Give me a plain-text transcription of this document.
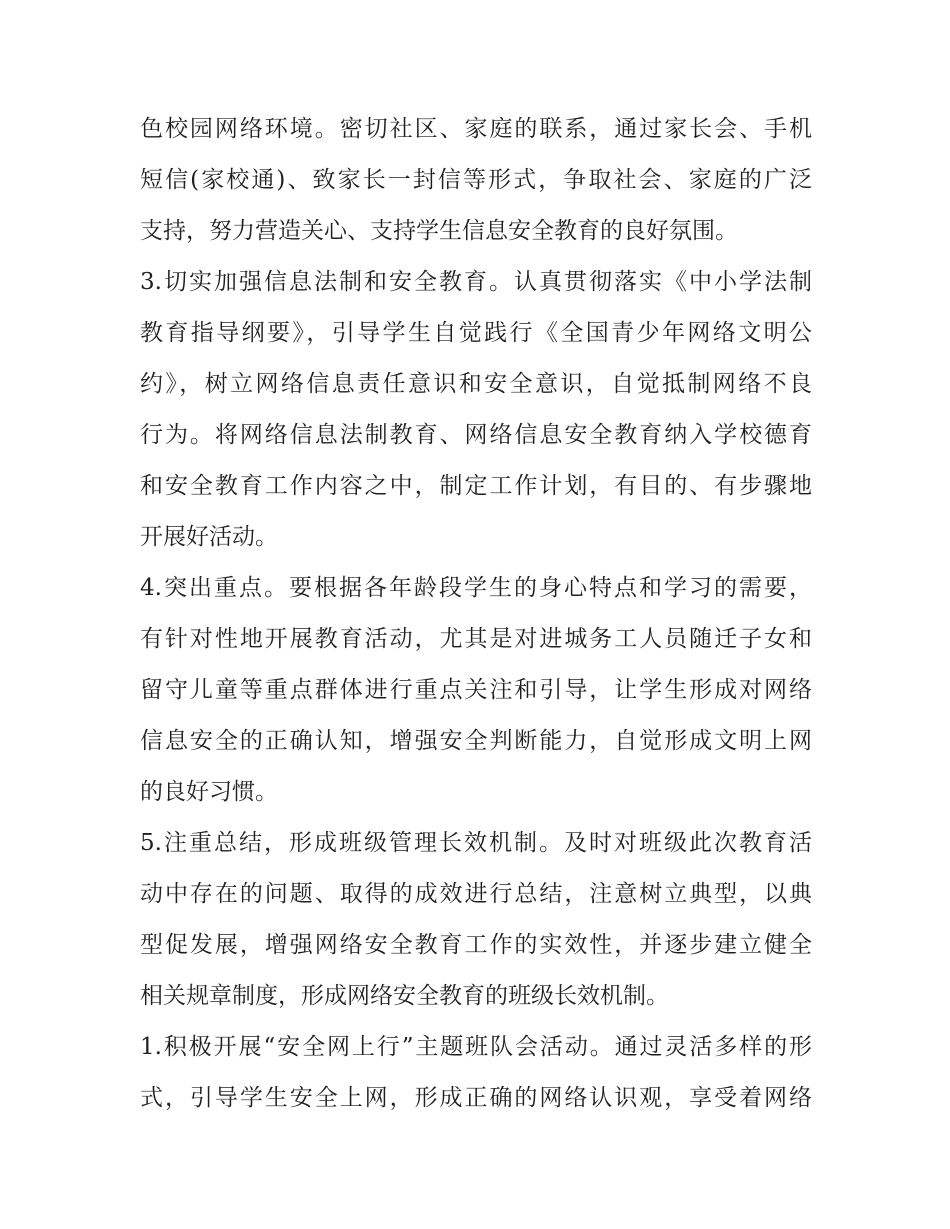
色校园网络环境。密切社区、家庭的联系，通过家长会、手机
短信(家校通)、致家长一封信等形式，争取社会、家庭的广泛
支持，努力营造关心、支持学生信息安全教育的良好氛围。
3.切实加强信息法制和安全教育。认真贯彻落实《中小学法制
教育指导纲要》，引导学生自觉践行《全国青少年网络文明公
约》，树立网络信息责任意识和安全意识，自觉抵制网络不良
行为。将网络信息法制教育、网络信息安全教育纳入学校德育
和安全教育工作内容之中，制定工作计划，有目的、有步骤地
开展好活动。
4.突出重点。要根据各年龄段学生的身心特点和学习的需要，
有针对性地开展教育活动，尤其是对进城务工人员随迁子女和
留守儿童等重点群体进行重点关注和引导，让学生形成对网络
信息安全的正确认知，增强安全判断能力，自觉形成文明上网
的良好习惯。
5.注重总结，形成班级管理长效机制。及时对班级此次教育活
动中存在的问题、取得的成效进行总结，注意树立典型，以典
型促发展，增强网络安全教育工作的实效性，并逐步建立健全
相关规章制度，形成网络安全教育的班级长效机制。
1.积极开展“安全网上行”主题班队会活动。通过灵活多样的形
式，引导学生安全上网，形成正确的网络认识观，享受着网络
